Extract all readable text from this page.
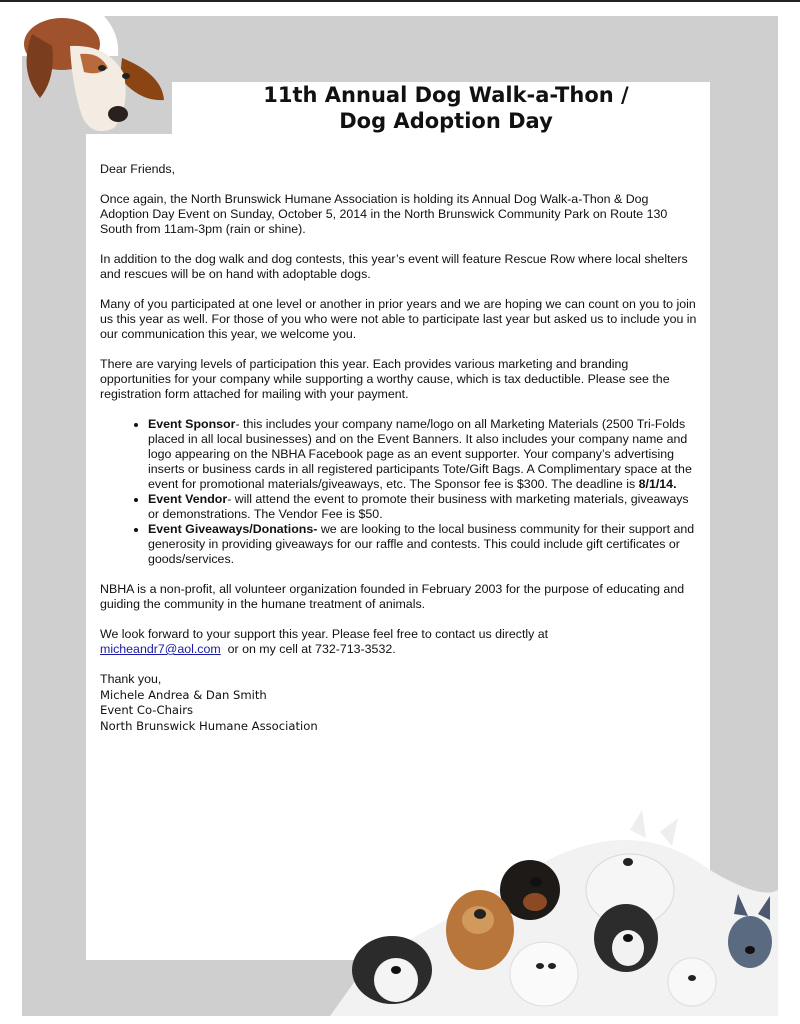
11th Annual Dog Walk-a-Thon /
Dog Adoption Day

Dear Friends,

Once again, the North Brunswick Humane Association is holding its Annual Dog Walk-a-Thon & Dog Adoption Day Event on Sunday, October 5, 2014 in the North Brunswick Community Park on Route 130 South from 11am-3pm (rain or shine).

In addition to the dog walk and dog contests, this year’s event will feature Rescue Row where local shelters and rescues will be on hand with adoptable dogs.

Many of you participated at one level or another in prior years and we are hoping we can count on you to join us this year as well. For those of you who were not able to participate last year but asked us to include you in our communication this year, we welcome you.

There are varying levels of participation this year. Each provides various marketing and branding opportunities for your company while supporting a worthy cause, which is tax deductible. Please see the registration form attached for mailing with your payment.

• Event Sponsor- this includes your company name/logo on all Marketing Materials (2500 Tri-Folds placed in all local businesses) and on the Event Banners. It also includes your company name and logo appearing on the NBHA Facebook page as an event supporter. Your company’s advertising inserts or business cards in all registered participants Tote/Gift Bags. A Complimentary space at the event for promotional materials/giveaways, etc. The Sponsor fee is $300. The deadline is 8/1/14.
• Event Vendor- will attend the event to promote their business with marketing materials, giveaways or demonstrations. The Vendor Fee is $50.
• Event Giveaways/Donations- we are looking to the local business community for their support and generosity in providing giveaways for our raffle and contests. This could include gift certificates or goods/services.

NBHA is a non-profit, all volunteer organization founded in February 2003 for the purpose of educating and guiding the community in the humane treatment of animals.

We look forward to your support this year. Please feel free to contact us directly at
micheandr7@aol.com  or on my cell at 732-713-3532.

Thank you,
Michele Andrea & Dan Smith
Event Co-Chairs
North Brunswick Humane Association
